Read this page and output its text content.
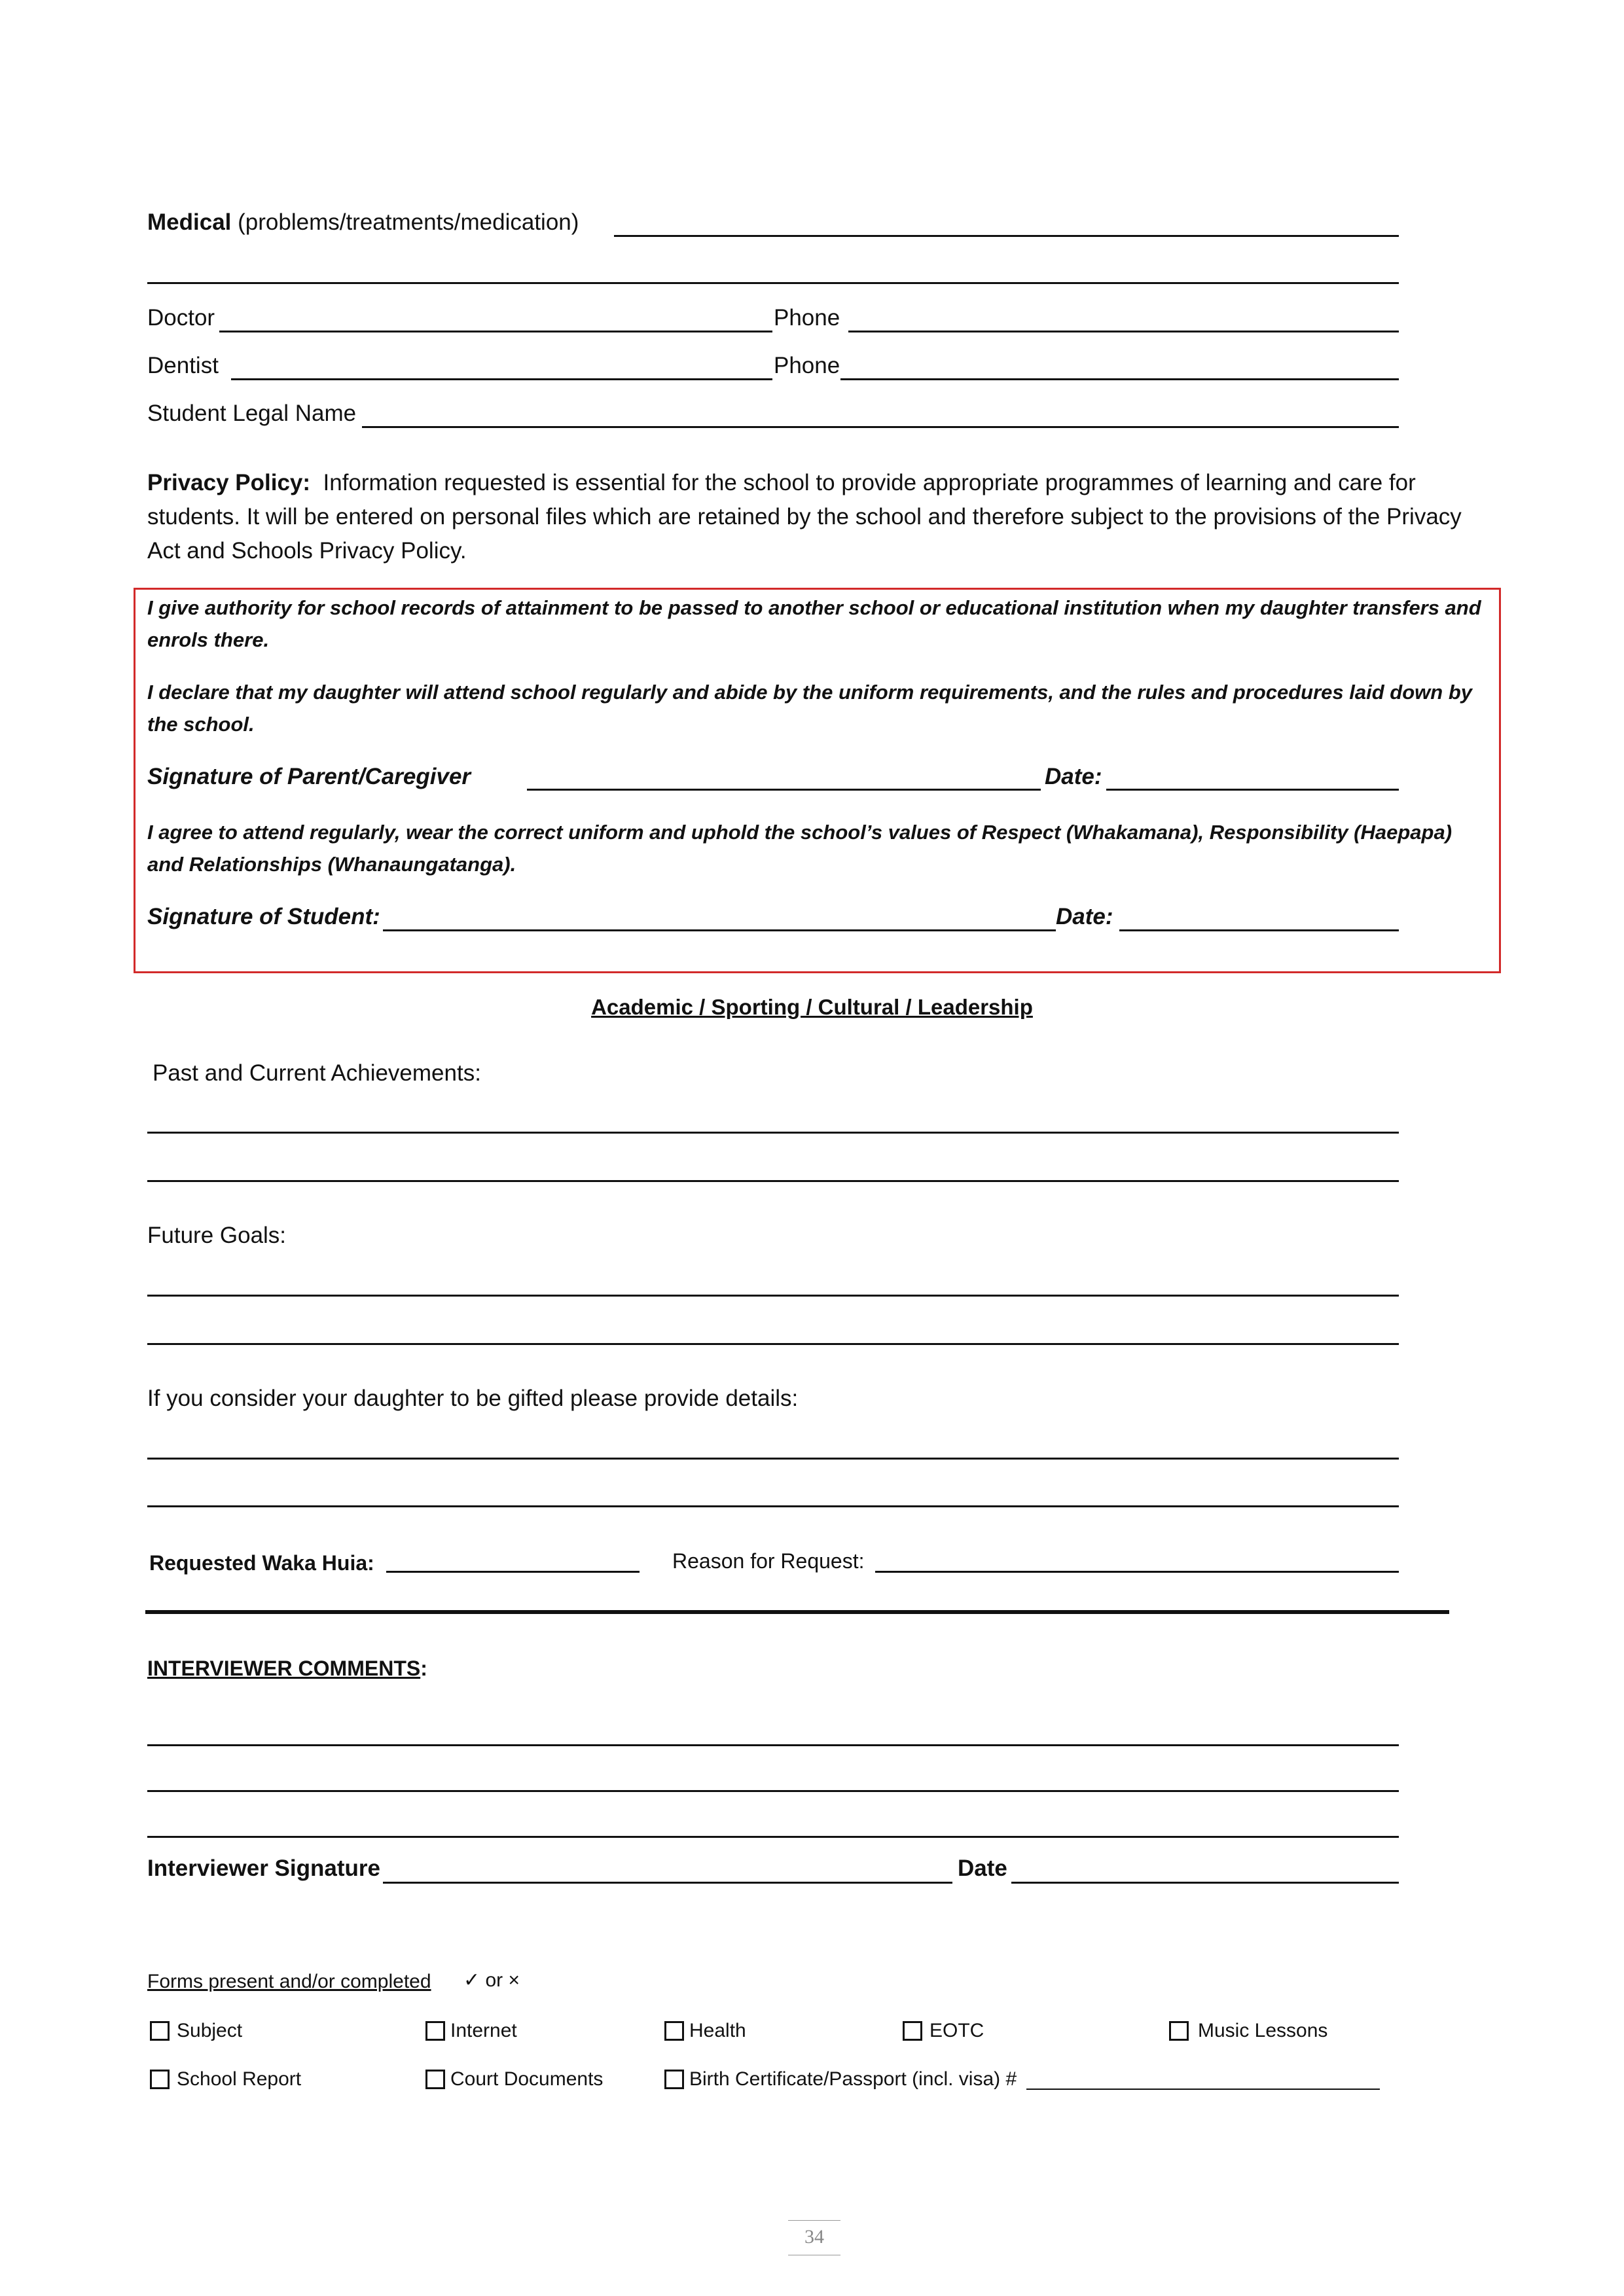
Medical (problems/treatments/medication)
Doctor	Phone
Dentist	Phone
Student Legal Name
Privacy Policy: Information requested is essential for the school to provide appropriate programmes of learning and care for students. It will be entered on personal files which are retained by the school and therefore subject to the provisions of the Privacy Act and Schools Privacy Policy.
I give authority for school records of attainment to be passed to another school or educational institution when my daughter transfers and enrols there.
I declare that my daughter will attend school regularly and abide by the uniform requirements, and the rules and procedures laid down by the school.
Signature of Parent/Caregiver	Date:
I agree to attend regularly, wear the correct uniform and uphold the school’s values of Respect (Whakamana), Responsibility (Haepapa) and Relationships (Whanaungatanga).
Signature of Student:	Date:
Academic / Sporting / Cultural / Leadership
Past and Current Achievements:
Future Goals:
If you consider your daughter to be gifted please provide details:
Requested Waka Huia:	Reason for Request:
INTERVIEWER COMMENTS:
Interviewer Signature	Date
Forms present and/or completed ✓ or ×
Subject	Internet	Health	EOTC	Music Lessons
School Report	Court Documents	Birth Certificate/Passport (incl. visa) #
34
